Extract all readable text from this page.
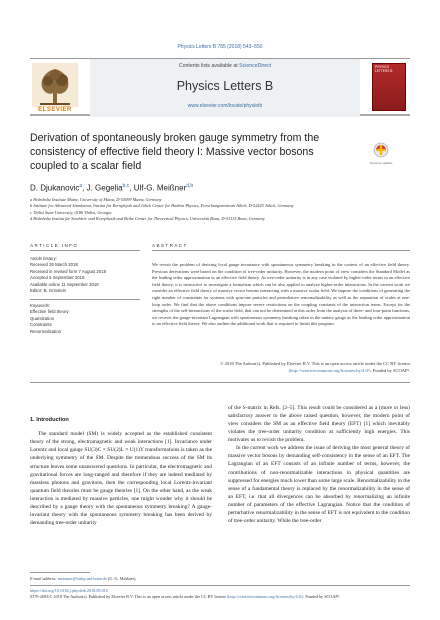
Physics Letters B 785 (2018) 543–550
ELSEVIER
Contents lists available at ScienceDirect
Physics Letters B
www.elsevier.com/locate/physletb
PHYSICS LETTERS B
Derivation of spontaneously broken gauge symmetry from the consistency of effective field theory I: Massive vector bosons coupled to a scalar field	Check for updates
D. Djukanovic$^a$, J. Gegelia$^{b,c}$, Ulf-G. Meißner$^{d,b}$
a Helmholtz Institute Mainz, University of Mainz, D-55099 Mainz, Germany
b Institute for Advanced Simulation, Institut für Kernphysik and Jülich Center for Hadron Physics, Forschungszentrum Jülich, D-52425 Jülich, Germany
c Tbilisi State University, 0186 Tbilisi, Georgia
d Helmholtz Institut für Strahlen- und Kernphysik and Bethe Center for Theoretical Physics, Universität Bonn, D-53115 Bonn, Germany
ARTICLE INFO	ABSTRACT
Article history:
Received 26 March 2018
Received in revised form 7 August 2018
Accepted 6 September 2018
Available online 11 September 2018
Editor: B. Grinstein
Keywords:
Effective field theory
Quantization
Constraints
Renormalization
We revisit the problem of deriving local gauge invariance with spontaneous symmetry breaking in the context of an effective field theory. Previous derivations were based on the condition of tree-order unitarity. However, the modern point of view considers the Standard Model as the leading order approximation to an effective field theory. As tree-order unitarity is in any case violated by higher-order terms in an effective field theory, it is instructive to investigate a formalism which can be also applied to analyze higher-order interactions. In the current work we consider an effective field theory of massive vector bosons interacting with a massive scalar field. We impose the conditions of generating the right number of constraints for systems with spin-one particles and perturbative renormalizability as well as the separation of scales at one-loop order. We find that the above conditions impose severe restrictions on the coupling constants of the interaction terms. Except for the strengths of the self-interactions of the scalar field, that can not be determined at this order from the analysis of three- and four-point functions, we recover the gauge-invariant Lagrangian with spontaneous symmetry breaking taken in the unitary gauge as the leading order approximation to an effective field theory. We also outline the additional work that is required to finish this program.
© 2018 The Author(s). Published by Elsevier B.V. This is an open access article under the CC BY license
(http://creativecommons.org/licenses/by/4.0/). Funded by SCOAP³.
1. Introduction

The standard model (SM) is widely accepted as the established consistent theory of the strong, electromagnetic and weak interactions [1]. Invariance under Lorentz and local gauge SU(3)C × SU(2)L × U(1)Y transformations is taken as the underlying symmetry of the SM. Despite the tremendous success of the SM its structure leaves some unanswered questions. In particular, the electromagnetic and gravitational forces are long-ranged and therefore if they are indeed mediated by massless photons and gravitons, then the corresponding local Lorentz-invariant quantum field theories must be gauge theories [1]. On the other hand, as the weak interaction is mediated by massive particles, one might wonder why it should be described by a gauge theory with the spontaneous symmetry breaking? A gauge-invariant theory with the spontaneous symmetry breaking has been derived by demanding tree-order unitarity

of the S-matrix in Refs. [2–5]. This result could be considered as a (more or less) satisfactory answer to the above raised question, however, the modern point of view considers the SM as an effective field theory (EFT) [1] which inevitably violates the tree-order unitarity condition at sufficiently high energies. This motivates us to revisit the problem.

In the current work we address the issue of deriving the most general theory of massive vector bosons by demanding self-consistency in the sense of an EFT. The Lagrangian of an EFT consists of an infinite number of terms, however, the contributions of non-renormalizable interactions in physical quantities are suppressed for energies much lower than some large scale. Renormalizability in the sense of a fundamental theory is replaced by the renormalizability in the sense of an EFT, i.e. that all divergences can be absorbed by renormalizing an infinite number of parameters of the effective Lagrangian. Notice that the condition of perturbative renormalizability in the sense of EFT is not equivalent to the condition of tree-order unitarity. While the tree-order

E-mail address: meissner@hiskp.uni-bonn.de (U.-G. Meißner).
https://doi.org/10.1016/j.physletb.2018.09.016
0370-2693/© 2018 The Author(s). Published by Elsevier B.V. This is an open access article under the CC BY license (http://creativecommons.org/licenses/by/4.0/). Funded by SCOAP³.
